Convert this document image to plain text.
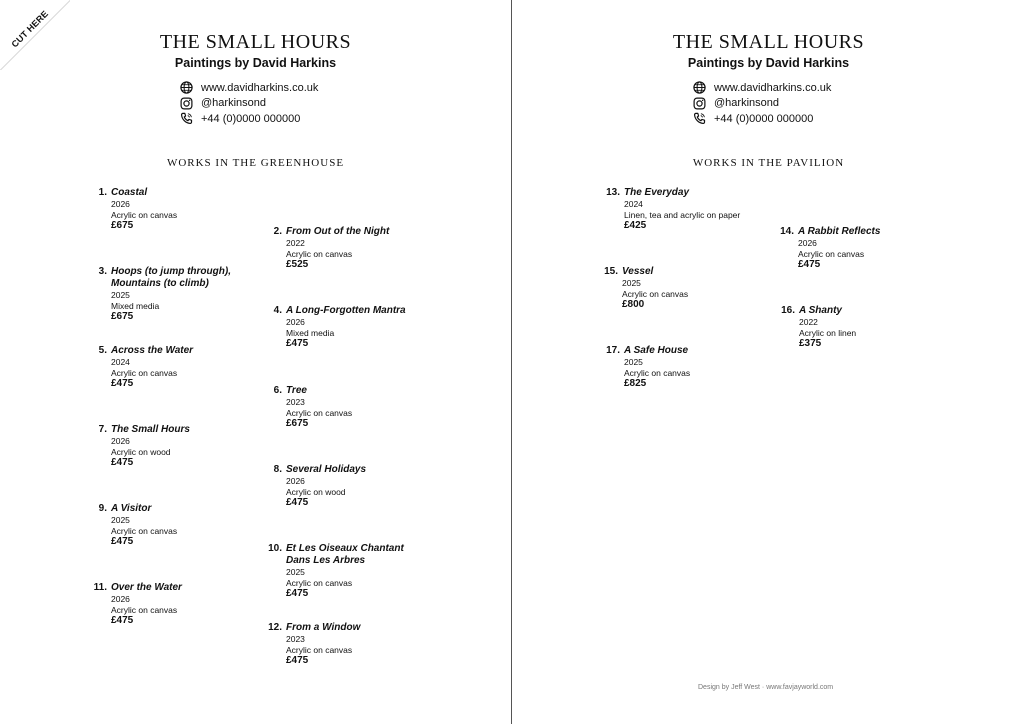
CUT HERE	THE SMALL HOURS
Paintings by David Harkins
www.davidharkins.co.uk
@harkinsond
+44 (0)0000 000000
WORKS IN THE GREENHOUSE
1. Coastal
2026
Acrylic on canvas
£675
3. Hoops (to jump through),
Mountains (to climb)
2025
Mixed media
£675
5. Across the Water
2024
Acrylic on canvas
£475
7. The Small Hours
2026
Acrylic on wood
£475
9. A Visitor
2025
Acrylic on canvas
£475
11. Over the Water
2026
Acrylic on canvas
£475
2. From Out of the Night
2022
Acrylic on canvas
£525
4. A Long-Forgotten Mantra
2026
Mixed media
£475
6. Tree
2023
Acrylic on canvas
£675
8. Several Holidays
2026
Acrylic on wood
£475
10. Et Les Oiseaux Chantant
Dans Les Arbres
2025
Acrylic on canvas
£475
12. From a Window
2023
Acrylic on canvas
£475
THE SMALL HOURS
Paintings by David Harkins
www.davidharkins.co.uk
@harkinsond
+44 (0)0000 000000
WORKS IN THE PAVILION
13. The Everyday
2024
Linen, tea and acrylic on paper
£425
15. Vessel
2025
Acrylic on canvas
£800
17. A Safe House
2025
Acrylic on canvas
£825
14. A Rabbit Reflects
2026
Acrylic on canvas
£475
16. A Shanty
2022
Acrylic on linen
£375
Design by Jeff West · www.favjayworld.com
